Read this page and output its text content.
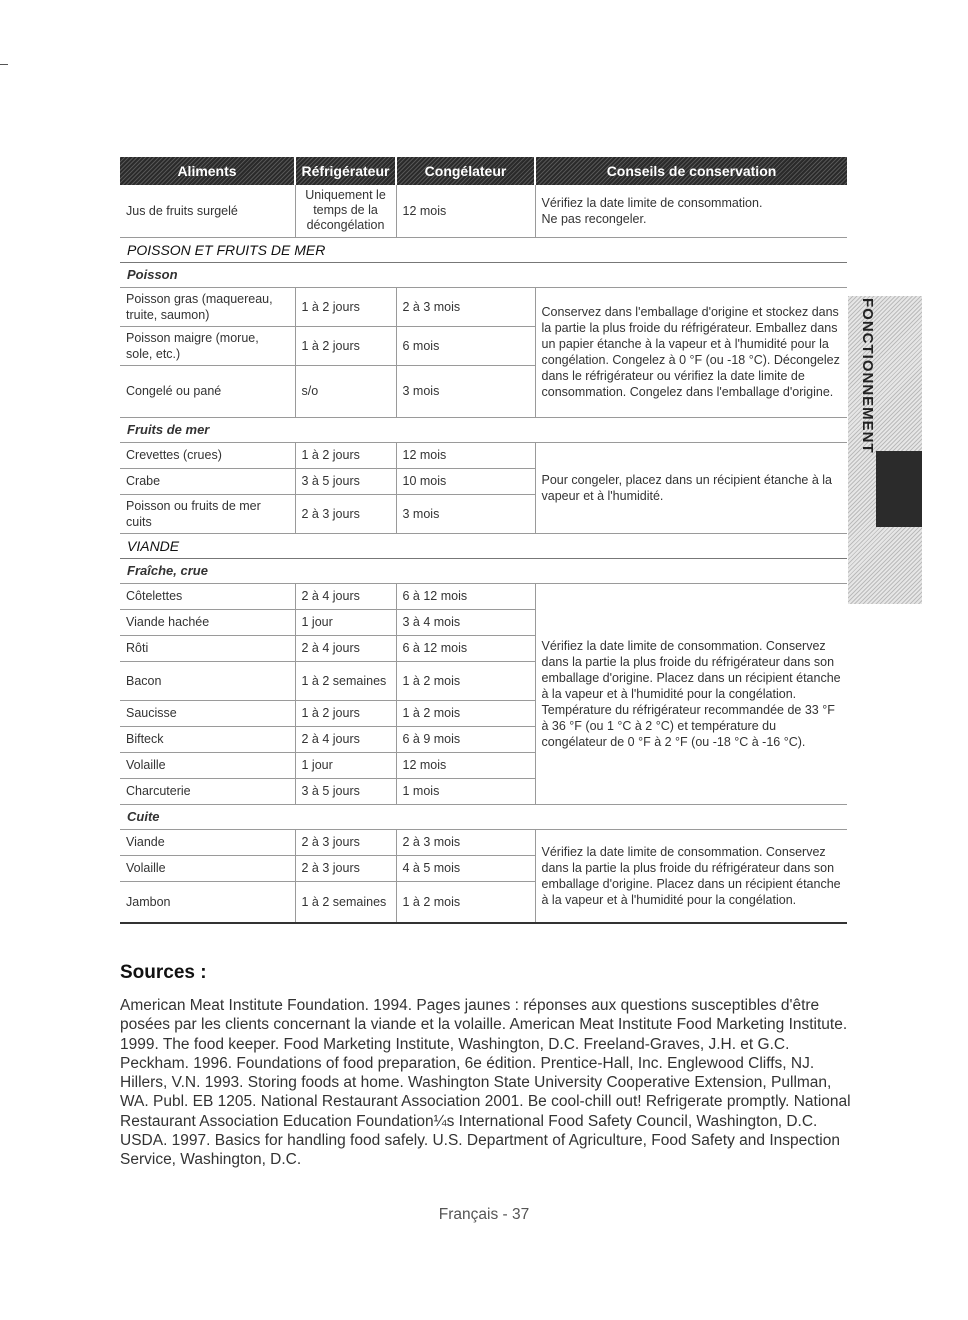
Aliments	Réfrigérateur	Congélateur	Conseils de conservation
Jus de fruits surgelé	Uniquement le temps de la décongélation	12 mois	Vérifiez la date limite de consommation.
Ne pas recongeler.
POISSON ET FRUITS DE MER			
Poisson			
Poisson gras (maquereau, truite, saumon)	1 à 2 jours	2 à 3 mois	Conservez dans l'emballage d'origine et stockez dans la partie la plus froide du réfrigérateur. Emballez dans un papier étanche à la vapeur et à l'humidité pour la congélation. Congelez à 0 °F (ou -18 °C). Décongelez dans le réfrigérateur ou vérifiez la date limite de consommation. Congelez dans l'emballage d'origine.
Poisson maigre (morue, sole, etc.)	1 à 2 jours	6 mois	
Congelé ou pané	s/o	3 mois	
Fruits de mer			
Crevettes (crues)	1 à 2 jours	12 mois	Pour congeler, placez dans un récipient étanche à la vapeur et à l'humidité.
Crabe	3 à 5 jours	10 mois	
Poisson ou fruits de mer cuits	2 à 3 jours	3 mois	
VIANDE			
Fraîche, crue			
Côtelettes	2 à 4 jours	6 à 12 mois	Vérifiez la date limite de consommation. Conservez dans la partie la plus froide du réfrigérateur dans son emballage d'origine. Placez dans un récipient étanche à la vapeur et à l'humidité pour la congélation. Température du réfrigérateur recommandée de 33 °F à 36 °F (ou 1 °C à 2 °C) et température du congélateur de 0 °F à 2 °F (ou -18 °C à -16 °C).
Viande hachée	1 jour	3 à 4 mois	
Rôti	2 à 4 jours	6 à 12 mois	
Bacon	1 à 2 semaines	1 à 2 mois	
Saucisse	1 à 2 jours	1 à 2 mois	
Bifteck	2 à 4 jours	6 à 9 mois	
Volaille	1 jour	12 mois	
Charcuterie	3 à 5 jours	1 mois	
Cuite			
Viande	2 à 3 jours	2 à 3 mois	Vérifiez la date limite de consommation. Conservez dans la partie la plus froide du réfrigérateur dans son emballage d'origine. Placez dans un récipient étanche à la vapeur et à l'humidité pour la congélation.
Volaille	2 à 3 jours	4 à 5 mois	
Jambon	1 à 2 semaines	1 à 2 mois	
FONCTIONNEMENT
Sources :
American Meat Institute Foundation. 1994. Pages jaunes : réponses aux questions susceptibles d'être posées par les clients concernant la viande et la volaille. American Meat Institute Food Marketing Institute. 1999. The food keeper. Food Marketing Institute, Washington, D.C. Freeland-Graves, J.H. et G.C. Peckham. 1996. Foundations of food preparation, 6e édition. Prentice-Hall, Inc. Englewood Cliffs, NJ. Hillers, V.N. 1993. Storing foods at home. Washington State University Cooperative Extension, Pullman, WA. Publ. EB 1205. National Restaurant Association 2001. Be cool-chill out! Refrigerate promptly. National Restaurant Association Education Foundation¼s International Food Safety Council, Washington, D.C. USDA. 1997. Basics for handling food safely. U.S. Department of Agriculture, Food Safety and Inspection Service, Washington, D.C.
Français - 37
